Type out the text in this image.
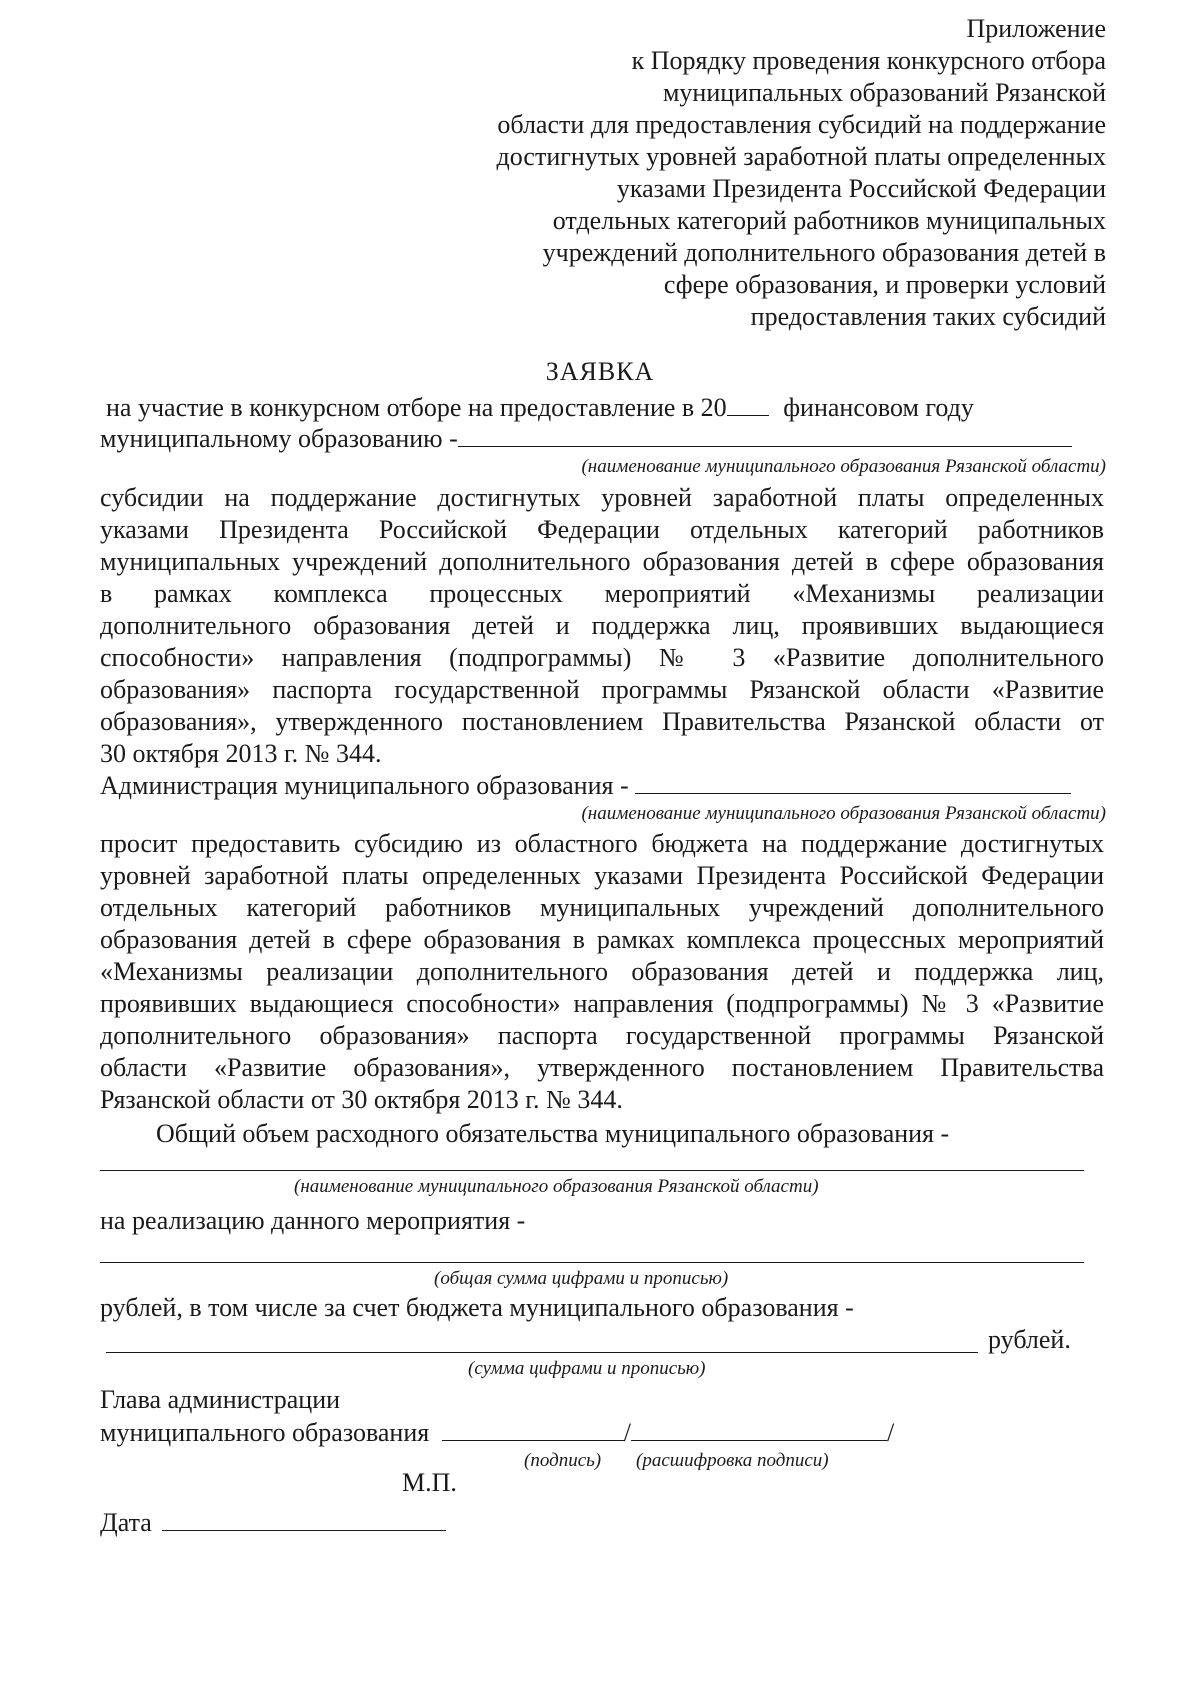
Приложение
к Порядку проведения конкурсного отбора
муниципальных образований Рязанской
области для предоставления субсидий на поддержание
достигнутых уровней заработной платы определенных
указами Президента Российской Федерации
отдельных категорий работников муниципальных
учреждений дополнительного образования детей в
сфере образования, и проверки условий
предоставления таких субсидий
ЗАЯВКА
на участие в конкурсном отборе на предоставление в 20 финансовом году
муниципальному образованию -
(наименование муниципального образования Рязанской области)
субсидии на поддержание достигнутых уровней заработной платы определенных
указами Президента Российской Федерации отдельных категорий работников
муниципальных учреждений дополнительного образования детей в сфере образования
в рамках комплекса процессных мероприятий «Механизмы реализации
дополнительного образования детей и поддержка лиц, проявивших выдающиеся
способности» направления (подпрограммы) № 3 «Развитие дополнительного
образования» паспорта государственной программы Рязанской области «Развитие
образования», утвержденного постановлением Правительства Рязанской области от
30 октября 2013 г. № 344.
Администрация муниципального образования -
(наименование муниципального образования Рязанской области)
просит предоставить субсидию из областного бюджета на поддержание достигнутых
уровней заработной платы определенных указами Президента Российской Федерации
отдельных категорий работников муниципальных учреждений дополнительного
образования детей в сфере образования в рамках комплекса процессных мероприятий
«Механизмы реализации дополнительного образования детей и поддержка лиц,
проявивших выдающиеся способности» направления (подпрограммы) № 3 «Развитие
дополнительного образования» паспорта государственной программы Рязанской
области «Развитие образования», утвержденного постановлением Правительства
Рязанской области от 30 октября 2013 г. № 344.
Общий объем расходного обязательства муниципального образования -
(наименование муниципального образования Рязанской области)
на реализацию данного мероприятия -
(общая сумма цифрами и прописью)
рублей, в том числе за счет бюджета муниципального образования -
рублей.
(сумма цифрами и прописью)
Глава администрации
муниципального образования	/	/
(подпись) (расшифровка подписи)
М.П.
Дата
